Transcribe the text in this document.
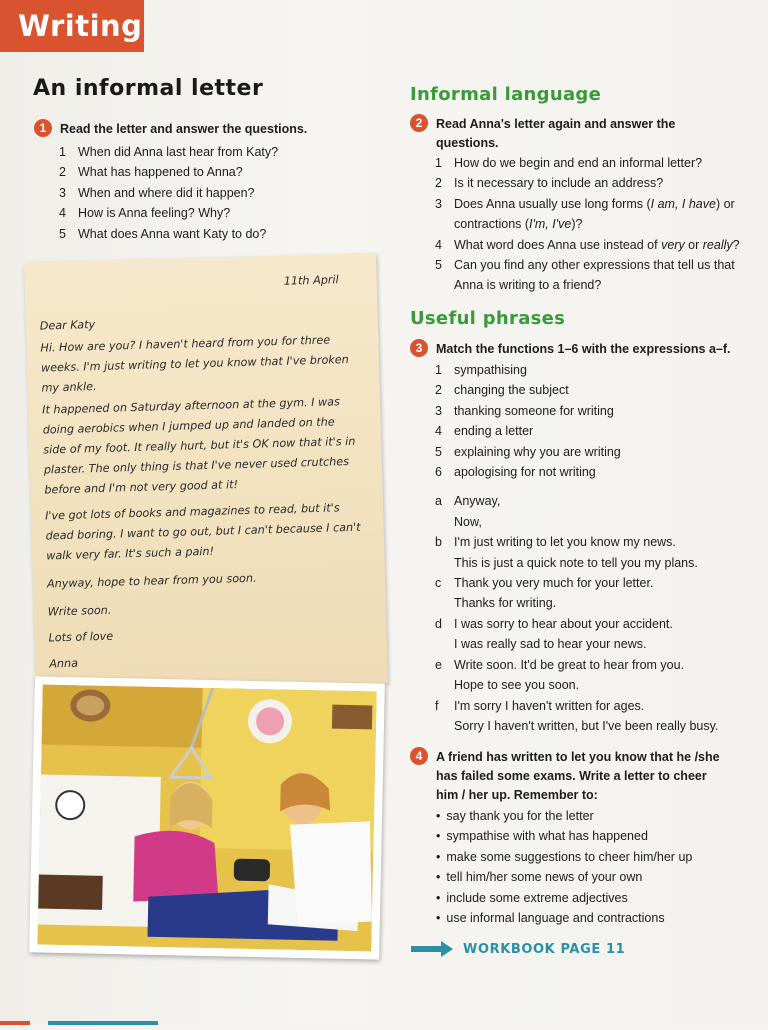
Writing
An informal letter
1 Read the letter and answer the questions.
1 When did Anna last hear from Katy?
2 What has happened to Anna?
3 When and where did it happen?
4 How is Anna feeling? Why?
5 What does Anna want Katy to do?
11th April
Dear Katy
Hi. How are you? I haven't heard from you for three weeks. I'm just writing to let you know that I've broken my ankle.
It happened on Saturday afternoon at the gym. I was doing aerobics when I jumped up and landed on the side of my foot. It really hurt, but it's OK now that it's in plaster. The only thing is that I've never used crutches before and I'm not very good at it!
I've got lots of books and magazines to read, but it's dead boring. I want to go out, but I can't because I can't walk very far. It's such a pain!
Anyway, hope to hear from you soon.
Write soon.
Lots of love
Anna
Informal language
2 Read Anna's letter again and answer the
questions.
1 How do we begin and end an informal letter?
2 Is it necessary to include an address?
3 Does Anna usually use long forms (I am, I have) or
contractions (I'm, I've)?
4 What word does Anna use instead of very or really?
5 Can you find any other expressions that tell us that
Anna is writing to a friend?
Useful phrases
3 Match the functions 1–6 with the expressions a–f.
1 sympathising
2 changing the subject
3 thanking someone for writing
4 ending a letter
5 explaining why you are writing
6 apologising for not writing
a Anyway,
Now,
b I'm just writing to let you know my news.
This is just a quick note to tell you my plans.
c	Thank you very much for your letter.
Thanks for writing.
d I was sorry to hear about your accident.
I was really sad to hear your news.
e Write soon. It'd be great to hear from you.
Hope to see you soon.
f	I'm sorry I haven't written for ages.
Sorry I haven't written, but I've been really busy.
4 A friend has written to let you know that he /she
has failed some exams. Write a letter to cheer
him / her up. Remember to:
• say thank you for the letter
• sympathise with what has happened
• make some suggestions to cheer him/her up
• tell him/her some news of your own
• include some extreme adjectives
• use informal language and contractions
WORKBOOK PAGE 11
